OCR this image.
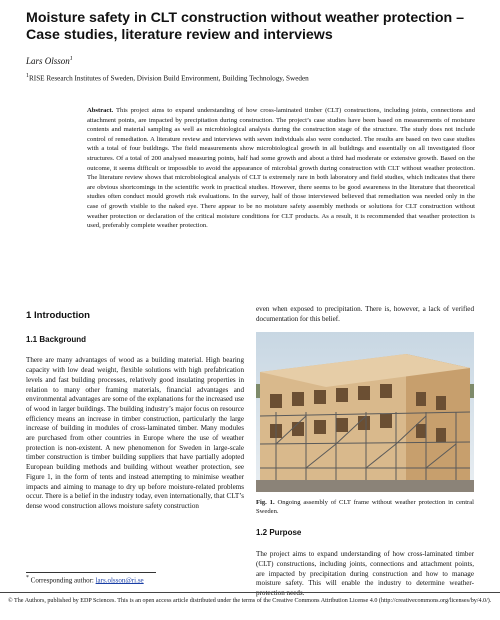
Moisture safety in CLT construction without weather protection – Case studies, literature review and interviews
Lars Olsson$^1$
$^1$RISE Research Institutes of Sweden, Division Build Environment, Building Technology, Sweden

Abstract. This project aims to expand understanding of how cross-laminated timber (CLT) constructions, including joints, connections and attachment points, are impacted by precipitation during construction. The project’s case studies have been based on measurements of moisture contents and material sampling as well as microbiological analysis during the construction stage of the structure. The study does not include control of remediation. A literature review and interviews with seven individuals also were conducted. The results are based on two case studies with a total of four buildings. The field measurements show microbiological growth in all buildings and essentially on all investigated floor structures. Of a total of 200 analysed measuring points, half had some growth and about a third had moderate or extensive growth. Based on the outcome, it seems difficult or impossible to avoid the appearance of microbial growth during construction with CLT without weather protection. The literature review shows that microbiological analysis of CLT is extremely rare in both laboratory and field studies, which indicates that there are obvious shortcomings in the scientific work in practical studies. However, there seems to be good awareness in the literature that theoretical studies often conduct mould growth risk evaluations. In the survey, half of those interviewed believed that remediation was needed only in the case of growth visible to the naked eye. There appear to be no moisture safety assembly methods or solutions for CLT construction without weather protection or declaration of the critical moisture conditions for CLT products. As a result, it is recommended that weather protection is used, preferably complete weather protection.

1 Introduction
1.1 Background

There are many advantages of wood as a building material. High bearing capacity with low dead weight, flexible solutions with high prefabrication levels and fast building processes, relatively good insulating properties in relation to many other framing materials, financial advantages and environmental advantages are some of the explanations for the increased use of wood in larger buildings. The building industry’s major focus on resource efficiency means an increase in timber construction, particularly the large increase of building in modules of cross-laminated timber. Many modules are purchased from other countries in Europe where the use of weather protection is non-existent. A new phenomenon for Sweden in large-scale timber construction is timber building suppliers that have partially adopted European building methods and building without weather protection, see Figure 1, in the form of tents and instead attempting to minimise weather impacts and aiming to manage to dry up before moisture-related problems occur. There is a belief in the industry today, even internationally, that CLT’s dense wood construction allows moisture safety construction

even when exposed to precipitation. There is, however, a lack of verified documentation for this belief.

Fig. 1. Ongoing assembly of CLT frame without weather protection in central Sweden.

1.2 Purpose

The project aims to expand understanding of how cross-laminated timber (CLT) constructions, including joints, connections and attachment points, are impacted by precipitation during construction and how to manage moisture safety. This will enable the industry to determine weather-protection needs.

* Corresponding author: lars.olsson@ri.se
© The Authors, published by EDP Sciences. This is an open access article distributed under the terms of the Creative Commons Attribution License 4.0 (http://creativecommons.org/licenses/by/4.0/).
